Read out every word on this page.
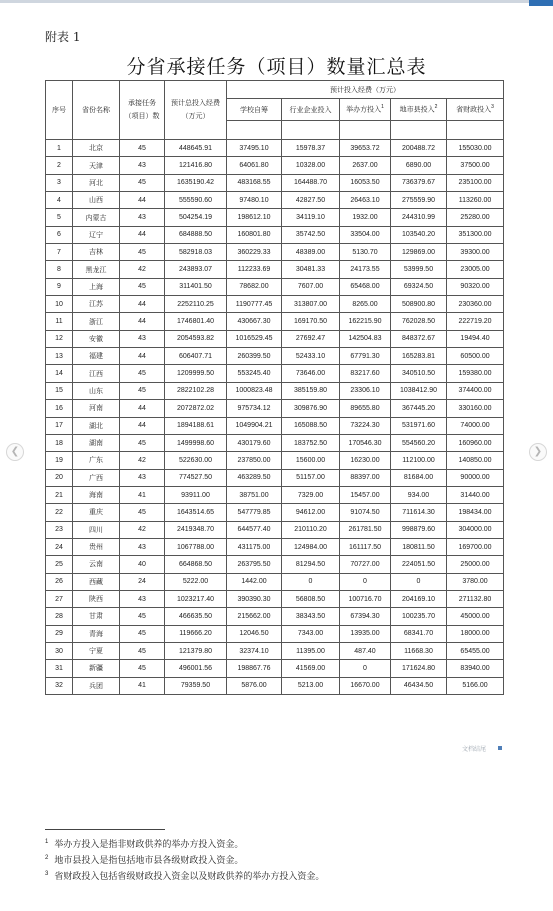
附表 1
分省承接任务（项目）数量汇总表
❮	❯
序号	省份名称	承接任务（项目）数	预计总投入经费（万元）	预计投入经费（万元）				
				学校自筹	行业企业投入	举办方投入$^1$	地市县投入$^2$	省财政投入$^3$

1	北京	45	448645.91	37495.10	15978.37	39653.72	200488.72	155030.00
2	天津	43	121416.80	64061.80	10328.00	2637.00	6890.00	37500.00
3	河北	45	1635190.42	483168.55	164488.70	16053.50	736379.67	235100.00
4	山西	44	555590.60	97480.10	42827.50	26463.10	275559.90	113260.00
5	内蒙古	43	504254.19	198612.10	34119.10	1932.00	244310.99	25280.00
6	辽宁	44	684888.50	160801.80	35742.50	33504.00	103540.20	351300.00
7	吉林	45	582918.03	360229.33	48389.00	5130.70	129869.00	39300.00
8	黑龙江	42	243893.07	112233.69	30481.33	24173.55	53999.50	23005.00
9	上海	45	311401.50	78682.00	7607.00	65468.00	69324.50	90320.00
10	江苏	44	2252110.25	1190777.45	313807.00	8265.00	508900.80	230360.00
11	浙江	44	1746801.40	430667.30	169170.50	162215.90	762028.50	222719.20
12	安徽	43	2054593.82	1016529.45	27692.47	142504.83	848372.67	19494.40
13	福建	44	606407.71	260399.50	52433.10	67791.30	165283.81	60500.00
14	江西	45	1209999.50	553245.40	73646.00	83217.60	340510.50	159380.00
15	山东	45	2822102.28	1000823.48	385159.80	23306.10	1038412.90	374400.00
16	河南	44	2072872.02	975734.12	309876.90	89655.80	367445.20	330160.00
17	湖北	44	1894188.61	1049904.21	165088.50	73224.30	531971.60	74000.00
18	湖南	45	1499998.60	430179.60	183752.50	170546.30	554560.20	160960.00
19	广东	42	522630.00	237850.00	15600.00	16230.00	112100.00	140850.00
20	广西	43	774527.50	463289.50	51157.00	88397.00	81684.00	90000.00
21	海南	41	93911.00	38751.00	7329.00	15457.00	934.00	31440.00
22	重庆	45	1643514.65	547779.85	94612.00	91074.50	711614.30	198434.00
23	四川	42	2419348.70	644577.40	210110.20	261781.50	998879.60	304000.00
24	贵州	43	1067788.00	431175.00	124984.00	161117.50	180811.50	169700.00
25	云南	40	664868.50	263795.50	81294.50	70727.00	224051.50	25000.00
26	西藏	24	5222.00	1442.00	0	0	0	3780.00
27	陕西	43	1023217.40	390390.30	56808.50	100716.70	204169.10	271132.80
28	甘肃	45	466635.50	215662.00	38343.50	67394.30	100235.70	45000.00
29	青海	45	119666.20	12046.50	7343.00	13935.00	68341.70	18000.00
30	宁夏	45	121379.80	32374.10	11395.00	487.40	11668.30	65455.00
31	新疆	45	496001.56	198867.76	41569.00	0	171624.80	83940.00
32	兵团	41	79359.50	5876.00	5213.00	16670.00	46434.50	5166.00
文档结尾
$^1$ 举办方投入是指非财政供养的举办方投入资金。
$^2$ 地市县投入是指包括地市县各级财政投入资金。
$^3$ 省财政投入包括省级财政投入资金以及财政供养的举办方投入资金。
